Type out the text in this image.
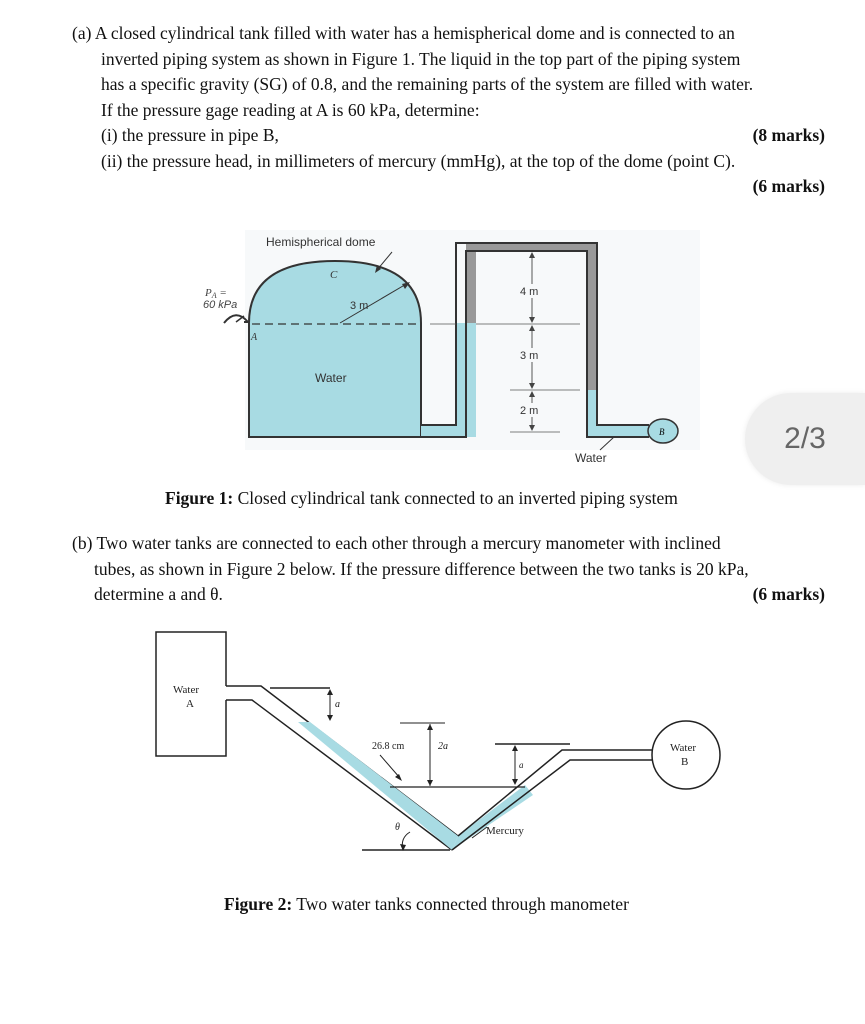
(a) A closed cylindrical tank filled with water has a hemispherical dome and is connected to an
inverted piping system as shown in Figure 1. The liquid in the top part of the piping system
has a specific gravity (SG) of 0.8, and the remaining parts of the system are filled with water.
If the pressure gage reading at A is 60 kPa, determine:
(i) the pressure in pipe B,	(8 marks)
(ii) the pressure head, in millimeters of mercury (mmHg), at the top of the dome (point C).
(6 marks)
B
4 m
3 m
2 m
Hemispherical dome
C
3 m
PA =
60 kPa
A
Water
Water
2/3
Figure 1: Closed cylindrical tank connected to an inverted piping system
(b) Two water tanks are connected to each other through a mercury manometer with inclined
tubes, as shown in Figure 2 below. If the pressure difference between the two tanks is 20 kPa,
determine a and θ.	(6 marks)
Water
A
Water
B
a
26.8 cm	2a
a
θ	Mercury
Figure 2: Two water tanks connected through manometer
